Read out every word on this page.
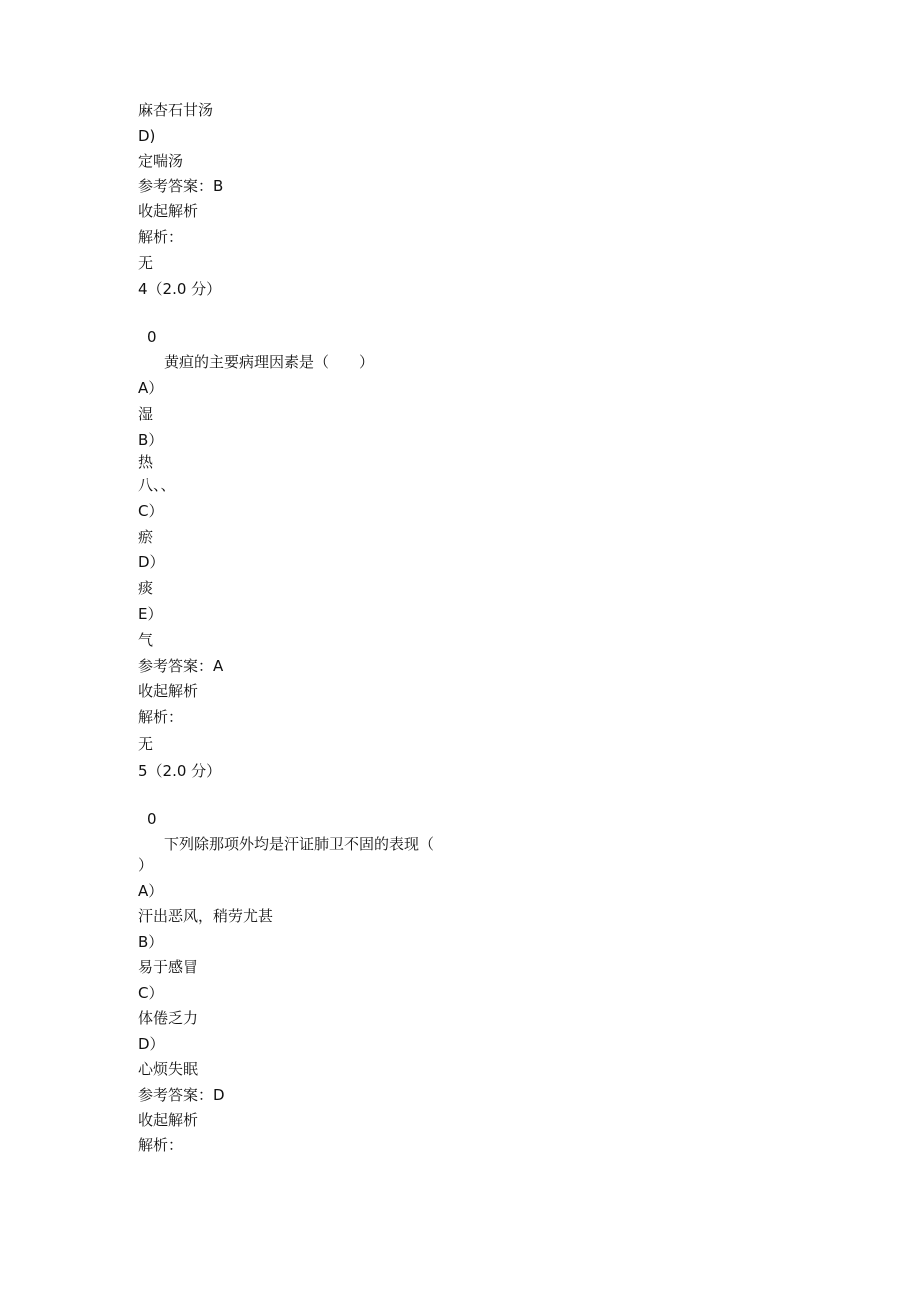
麻杏石甘汤
D)
定喘汤
参考答案：B
收起解析
解析：
无
4（2.0 分）
0
黄疸的主要病理因素是（　　）
A）
湿
B）
热
八、、
C）
瘀
D）
痰
E）
气
参考答案：A
收起解析
解析：
无
5（2.0 分）
0
下列除那项外均是汗证肺卫不固的表现（
）
A）
汗出恶风，稍劳尤甚
B）
易于感冒
C）
体倦乏力
D）
心烦失眠
参考答案：D
收起解析
解析：
